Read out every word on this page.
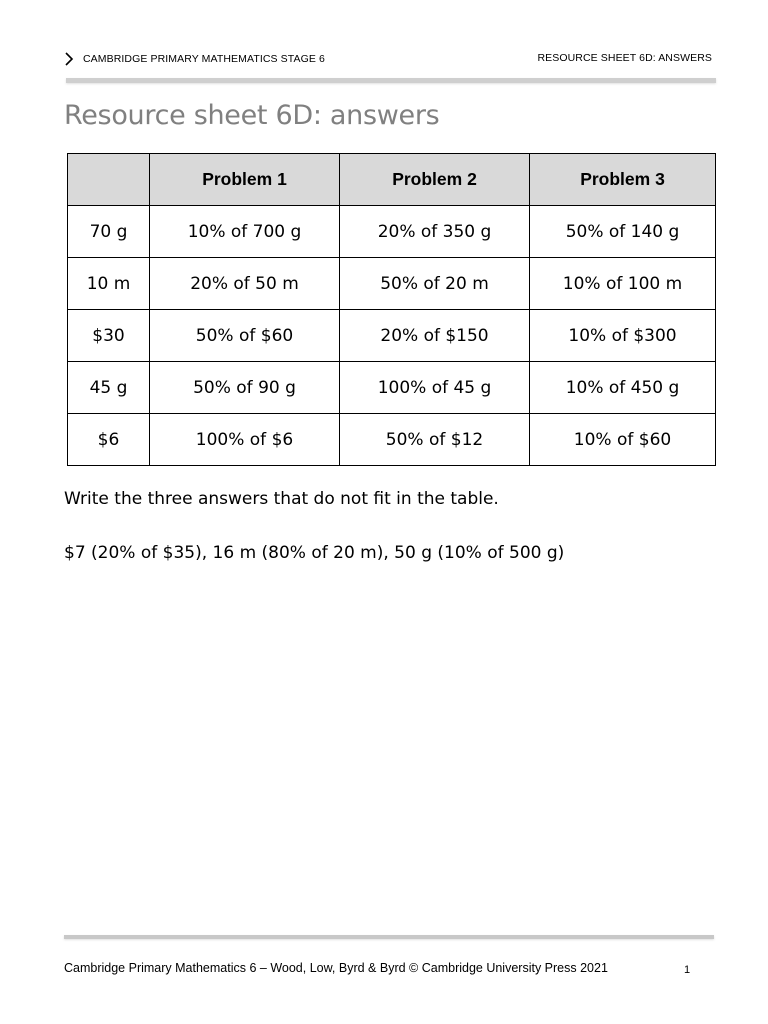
CAMBRIDGE PRIMARY MATHEMATICS STAGE 6	RESOURCE SHEET 6D: ANSWERS
Resource sheet 6D: answers
	Problem 1	Problem 2	Problem 3
70 g	10% of 700 g	20% of 350 g	50% of 140 g
10 m	20% of 50 m	50% of 20 m	10% of 100 m
$30	50% of $60	20% of $150	10% of $300
45 g	50% of 90 g	100% of 45 g	10% of 450 g
$6	100% of $6	50% of $12	10% of $60

Write the three answers that do not fit in the table.

$7 (20% of $35), 16 m (80% of 20 m), 50 g (10% of 500 g)

Cambridge Primary Mathematics 6 – Wood, Low, Byrd & Byrd © Cambridge University Press 2021	1
